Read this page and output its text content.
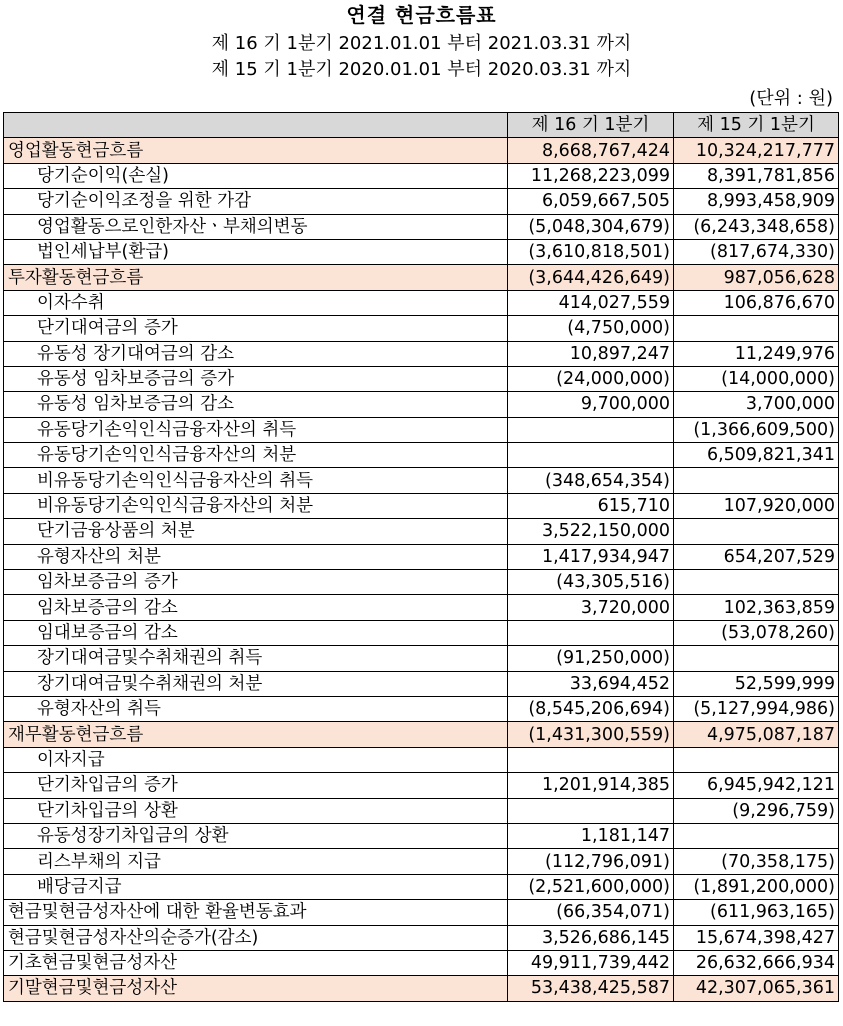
연결 현금흐름표
제 16 기 1분기 2021.01.01 부터 2021.03.31 까지
제 15 기 1분기 2020.01.01 부터 2020.03.31 까지
(단위 : 원)
	제 16 기 1분기	제 15 기 1분기
영업활동현금흐름	8,668,767,424	10,324,217,777
당기순이익(손실)	11,268,223,099	8,391,781,856
당기순이익조정을 위한 가감	6,059,667,505	8,993,458,909
영업활동으로인한자산ㆍ부채의변동	(5,048,304,679)	(6,243,348,658)
법인세납부(환급)	(3,610,818,501)	(817,674,330)
투자활동현금흐름	(3,644,426,649)	987,056,628
이자수취	414,027,559	106,876,670
단기대여금의 증가	(4,750,000)	
유동성 장기대여금의 감소	10,897,247	11,249,976
유동성 임차보증금의 증가	(24,000,000)	(14,000,000)
유동성 임차보증금의 감소	9,700,000	3,700,000
유동당기손익인식금융자산의 취득		(1,366,609,500)
유동당기손익인식금융자산의 처분		6,509,821,341
비유동당기손익인식금융자산의 취득	(348,654,354)	
비유동당기손익인식금융자산의 처분	615,710	107,920,000
단기금융상품의 처분	3,522,150,000	
유형자산의 처분	1,417,934,947	654,207,529
임차보증금의 증가	(43,305,516)	
임차보증금의 감소	3,720,000	102,363,859
임대보증금의 감소		(53,078,260)
장기대여금및수취채권의 취득	(91,250,000)	
장기대여금및수취채권의 처분	33,694,452	52,599,999
유형자산의 취득	(8,545,206,694)	(5,127,994,986)
재무활동현금흐름	(1,431,300,559)	4,975,087,187
이자지급		
단기차입금의 증가	1,201,914,385	6,945,942,121
단기차입금의 상환		(9,296,759)
유동성장기차입금의 상환	1,181,147	
리스부채의 지급	(112,796,091)	(70,358,175)
배당금지급	(2,521,600,000)	(1,891,200,000)
현금및현금성자산에 대한 환율변동효과	(66,354,071)	(611,963,165)
현금및현금성자산의순증가(감소)	3,526,686,145	15,674,398,427
기초현금및현금성자산	49,911,739,442	26,632,666,934
기말현금및현금성자산	53,438,425,587	42,307,065,361
